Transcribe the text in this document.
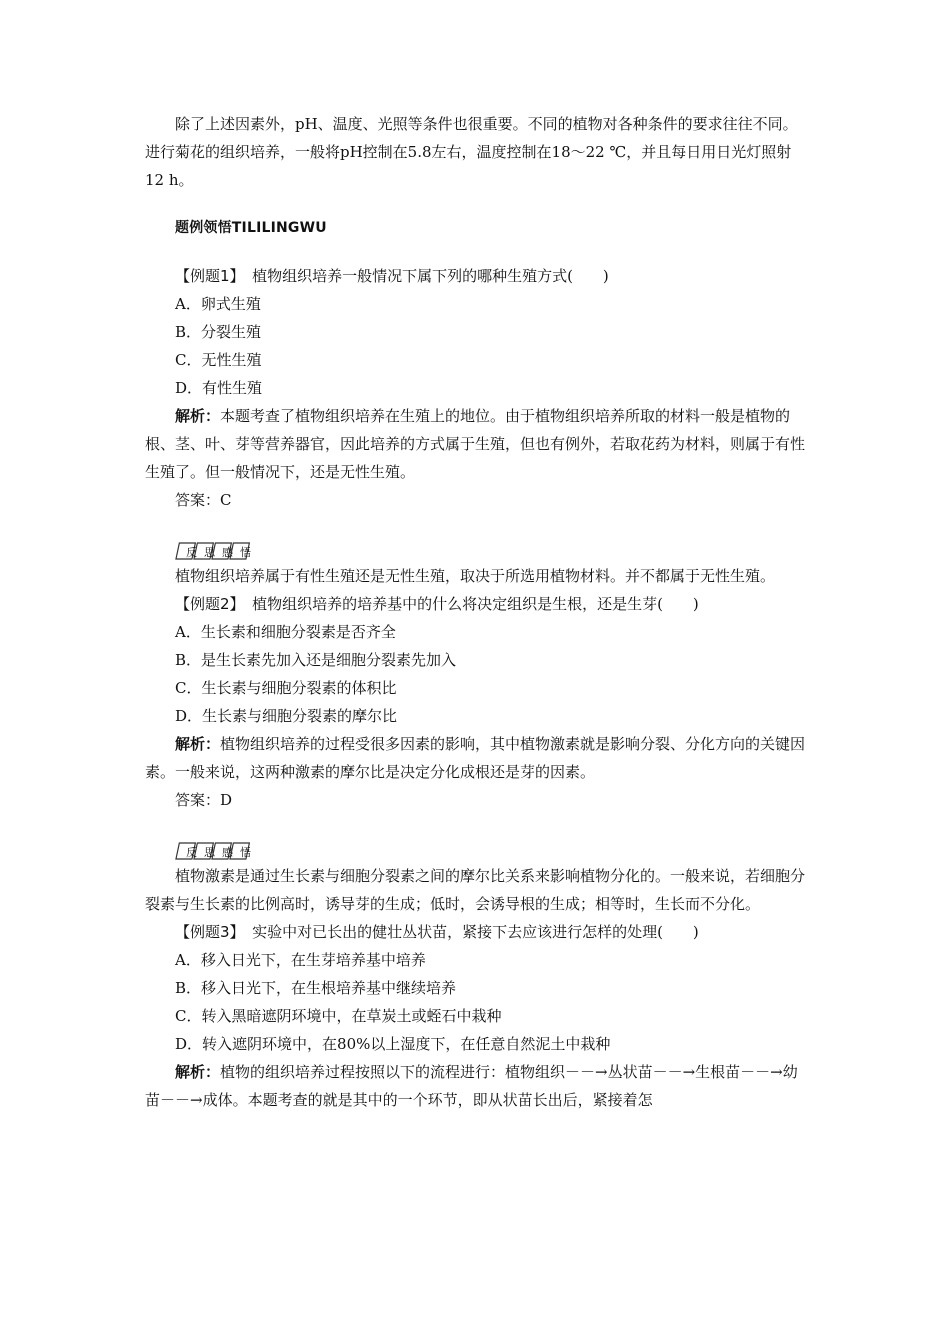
除了上述因素外，pH、温度、光照等条件也很重要。不同的植物对各种条件的要求往往不同。进行菊花的组织培养，一般将pH控制在5.8左右，温度控制在18～22 ℃，并且每日用日光灯照射12 h。

题例领悟TILILINGWU

【例题1】　 植物组织培养一般情况下属下列的哪种生殖方式(　　)

A．卵式生殖

B．分裂生殖

C．无性生殖

D．有性生殖

解析：本题考查了植物组织培养在生殖上的地位。由于植物组织培养所取的材料一般是植物的根、茎、叶、芽等营养器官，因此培养的方式属于生殖，但也有例外，若取花药为材料，则属于有性生殖了。但一般情况下，还是无性生殖。

答案：C

反 思 感 悟

植物组织培养属于有性生殖还是无性生殖，取决于所选用植物材料。并不都属于无性生殖。

【例题2】　 植物组织培养的培养基中的什么将决定组织是生根，还是生芽(　　)

A．生长素和细胞分裂素是否齐全

B．是生长素先加入还是细胞分裂素先加入

C．生长素与细胞分裂素的体积比

D．生长素与细胞分裂素的摩尔比

解析：植物组织培养的过程受很多因素的影响，其中植物激素就是影响分裂、分化方向的关键因素。一般来说，这两种激素的摩尔比是决定分化成根还是芽的因素。

答案：D

反 思 感 悟

植物激素是通过生长素与细胞分裂素之间的摩尔比关系来影响植物分化的。一般来说，若细胞分裂素与生长素的比例高时，诱导芽的生成；低时，会诱导根的生成；相等时，生长而不分化。

【例题3】　 实验中对已长出的健壮丛状苗，紧接下去应该进行怎样的处理(　　)

A．移入日光下，在生芽培养基中培养

B．移入日光下，在生根培养基中继续培养

C．转入黑暗遮阴环境中，在草炭土或蛭石中栽种

D．转入遮阴环境中，在80%以上湿度下，在任意自然泥土中栽种

解析：植物的组织培养过程按照以下的流程进行：植物组织－－→丛状苗－－→生根苗－－→幼苗－－→成体。本题考查的就是其中的一个环节，即从状苗长出后，紧接着怎
